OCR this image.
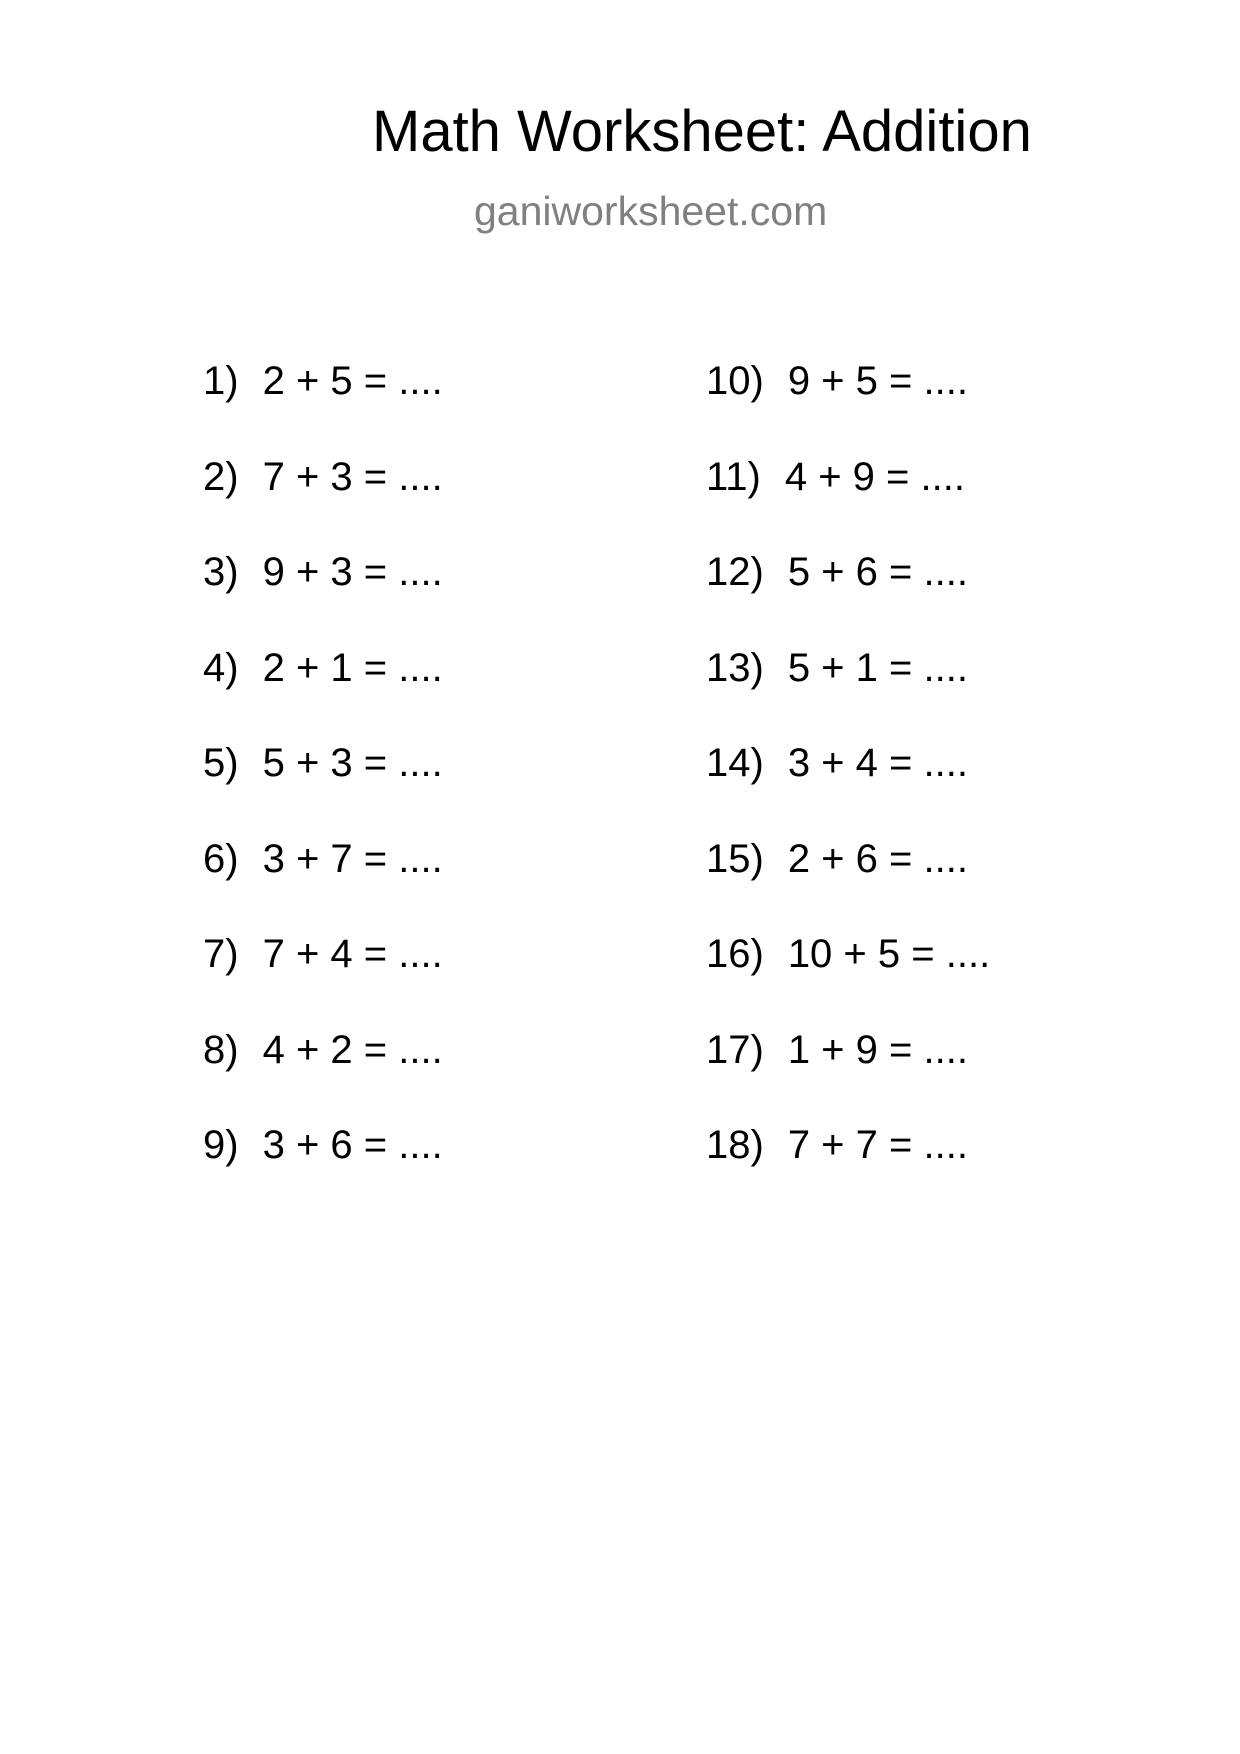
Math Worksheet: Addition
ganiworksheet.com
1) 2 + 5 = ....
2) 7 + 3 = ....
3) 9 + 3 = ....
4) 2 + 1 = ....
5) 5 + 3 = ....
6) 3 + 7 = ....
7) 7 + 4 = ....
8) 4 + 2 = ....
9) 3 + 6 = ....
10) 9 + 5 = ....
11) 4 + 9 = ....
12) 5 + 6 = ....
13) 5 + 1 = ....
14) 3 + 4 = ....
15) 2 + 6 = ....
16) 10 + 5 = ....
17) 1 + 9 = ....
18) 7 + 7 = ....
